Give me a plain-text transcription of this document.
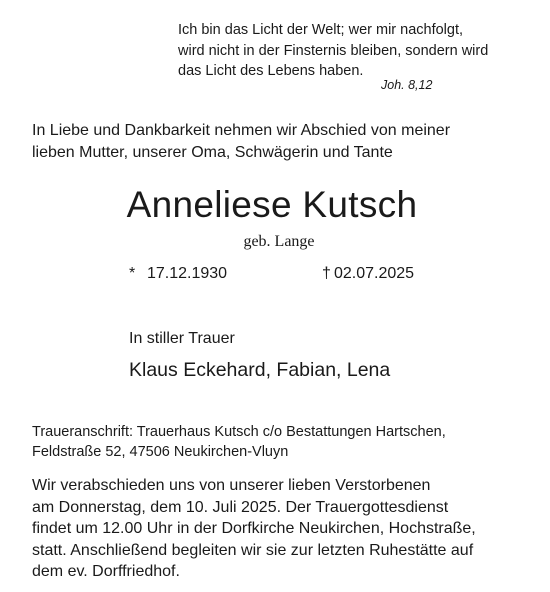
Ich bin das Licht der Welt; wer mir nachfolgt,
wird nicht in der Finsternis bleiben, sondern wird
das Licht des Lebens haben.
Joh. 8,12
In Liebe und Dankbarkeit nehmen wir Abschied von meiner
lieben Mutter, unserer Oma, Schwägerin und Tante
Anneliese Kutsch
geb. Lange
* 17.12.1930	† 02.07.2025
In stiller Trauer
Klaus Eckehard, Fabian, Lena
Traueranschrift: Trauerhaus Kutsch c/o Bestattungen Hartschen,
Feldstraße 52, 47506 Neukirchen-Vluyn
Wir verabschieden uns von unserer lieben Verstorbenen
am Donnerstag, dem 10. Juli 2025. Der Trauergottesdienst
findet um 12.00 Uhr in der Dorfkirche Neukirchen, Hochstraße,
statt. Anschließend begleiten wir sie zur letzten Ruhestätte auf
dem ev. Dorffriedhof.
